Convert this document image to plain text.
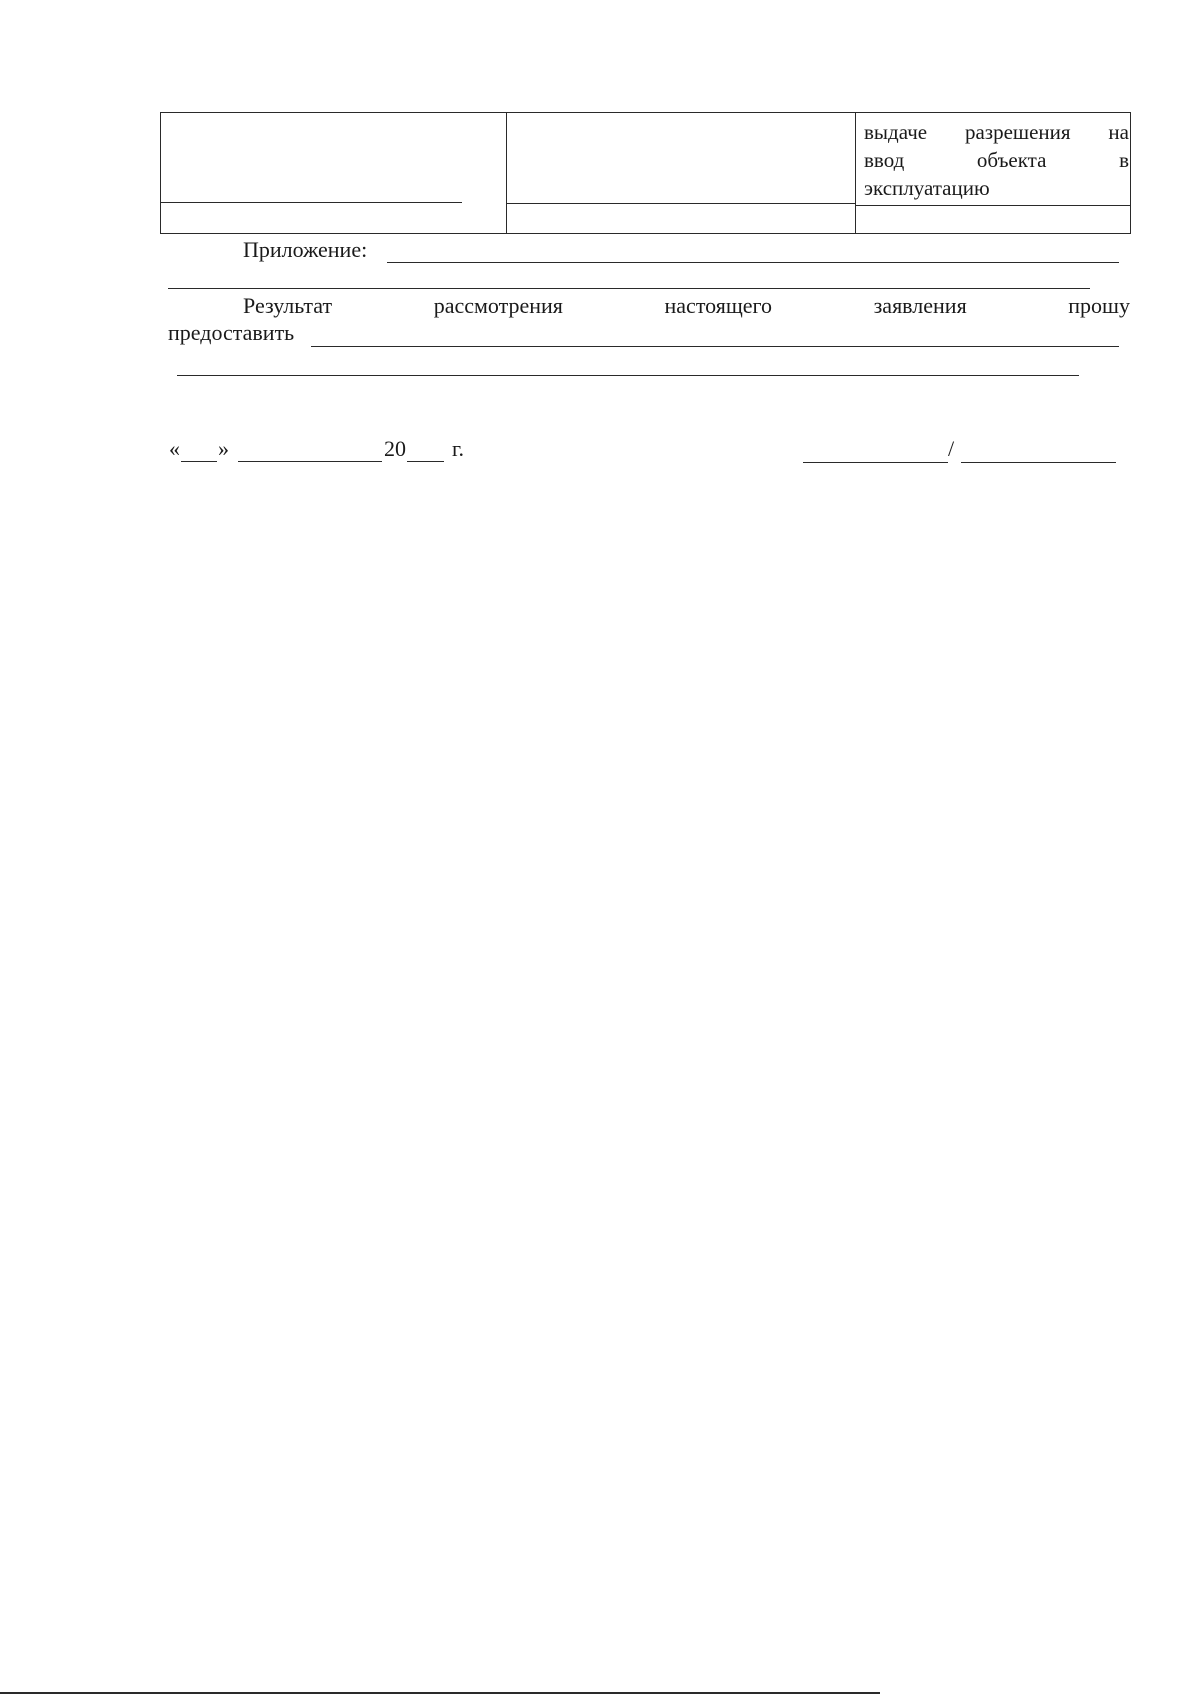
выдаче разрешения на
ввод объекта в
эксплуатацию
Приложение:
Результат	рассмотрения	настоящего	заявления	прошу
предоставить
« »	20 г.	/
